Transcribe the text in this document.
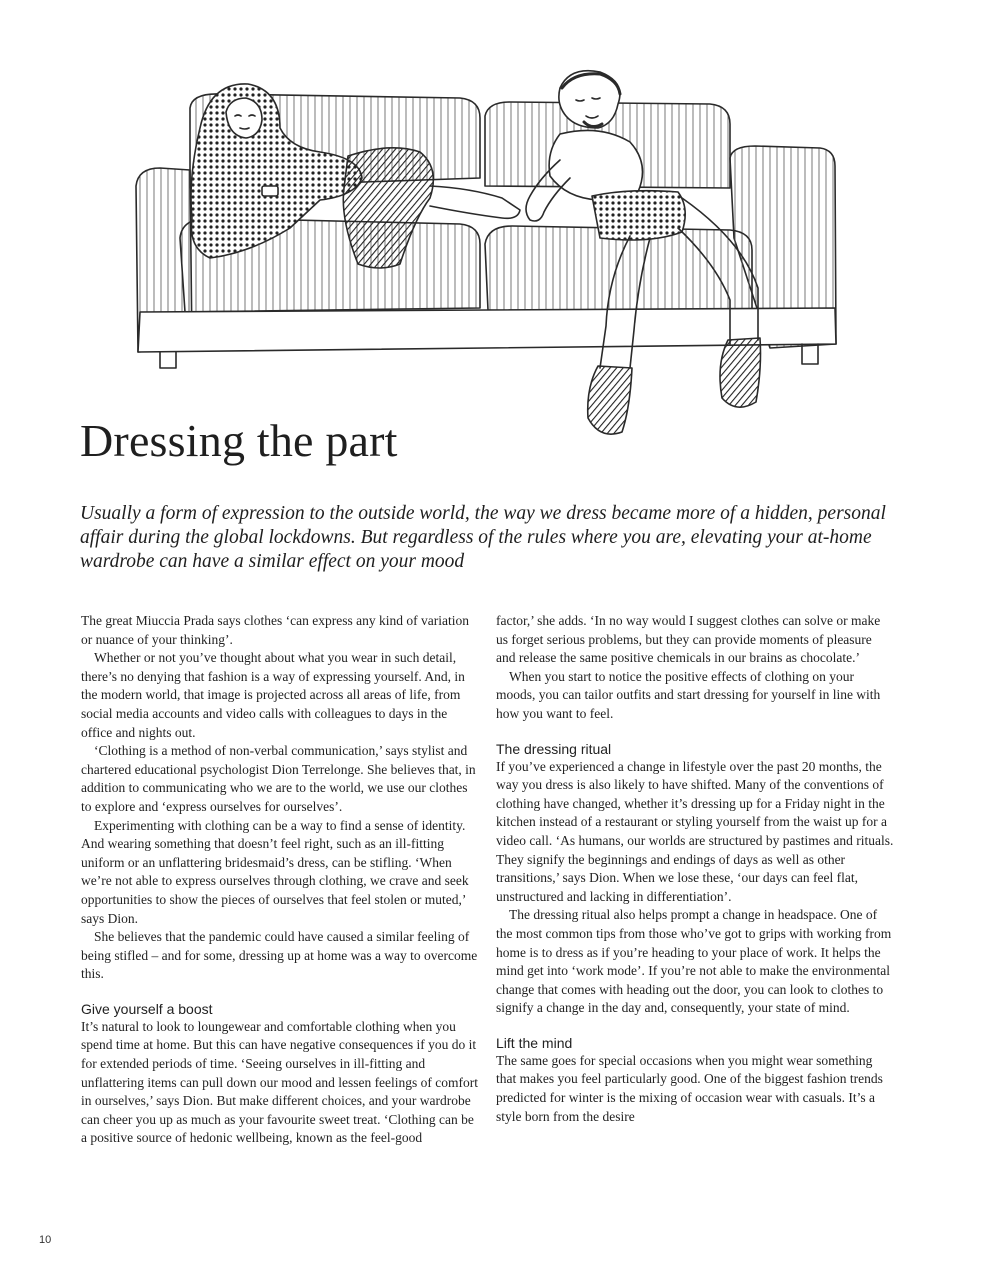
Dressing the part

Usually a form of expression to the outside world, the way we dress became more of a hidden, personal affair during the global lockdowns. But regardless of the rules where you are, elevating your at-home wardrobe can have a similar effect on your mood

The great Miuccia Prada says clothes ‘can express any kind of variation or nuance of your thinking’.

Whether or not you’ve thought about what you wear in such detail, there’s no denying that fashion is a way of expressing yourself. And, in the modern world, that image is projected across all areas of life, from social media accounts and video calls with colleagues to days in the office and nights out.

‘Clothing is a method of non-verbal communication,’ says stylist and chartered educational psychologist Dion Terrelonge. She believes that, in addition to communicating who we are to the world, we use our clothes to explore and ‘express ourselves for ourselves’.

Experimenting with clothing can be a way to find a sense of identity. And wearing something that doesn’t feel right, such as an ill-fitting uniform or an unflattering bridesmaid’s dress, can be stifling. ‘When we’re not able to express ourselves through clothing, we crave and seek opportunities to show the pieces of ourselves that feel stolen or muted,’ says Dion.

She believes that the pandemic could have caused a similar feeling of being stifled – and for some, dressing up at home was a way to overcome this.

Give yourself a boost

It’s natural to look to loungewear and comfortable clothing when you spend time at home. But this can have negative consequences if you do it for extended periods of time. ‘Seeing ourselves in ill-fitting and unflattering items can pull down our mood and lessen feelings of comfort in ourselves,’ says Dion. But make different choices, and your wardrobe can cheer you up as much as your favourite sweet treat. ‘Clothing can be a positive source of hedonic wellbeing, known as the feel-good

factor,’ she adds. ‘In no way would I suggest clothes can solve or make us forget serious problems, but they can provide moments of pleasure and release the same positive chemicals in our brains as chocolate.’

When you start to notice the positive effects of clothing on your moods, you can tailor outfits and start dressing for yourself in line with how you want to feel.

The dressing ritual

If you’ve experienced a change in lifestyle over the past 20 months, the way you dress is also likely to have shifted. Many of the conventions of clothing have changed, whether it’s dressing up for a Friday night in the kitchen instead of a restaurant or styling yourself from the waist up for a video call. ‘As humans, our worlds are structured by pastimes and rituals. They signify the beginnings and endings of days as well as other transitions,’ says Dion. When we lose these, ‘our days can feel flat, unstructured and lacking in differentiation’.

The dressing ritual also helps prompt a change in headspace. One of the most common tips from those who’ve got to grips with working from home is to dress as if you’re heading to your place of work. It helps the mind get into ‘work mode’. If you’re not able to make the environmental change that comes with heading out the door, you can look to clothes to signify a change in the day and, consequently, your state of mind.

Lift the mind

The same goes for special occasions when you might wear something that makes you feel particularly good. One of the biggest fashion trends predicted for winter is the mixing of occasion wear with casuals. It’s a style born from the desire

10
